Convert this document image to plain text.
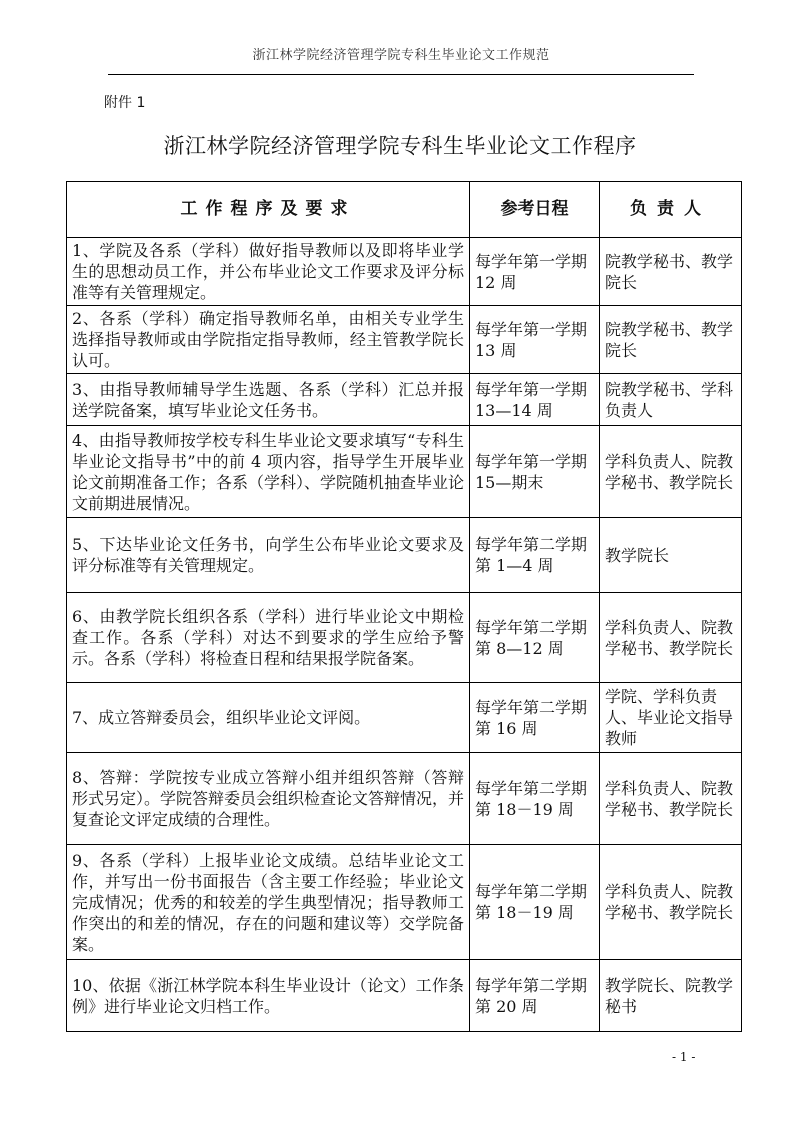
浙江林学院经济管理学院专科生毕业论文工作规范
附件 1
浙江林学院经济管理学院专科生毕业论文工作程序
工作程序及要求	参考日程	负责人
1、学院及各系（学科）做好指导教师以及即将毕业学生的思想动员工作，并公布毕业论文工作要求及评分标准等有关管理规定。	每学年第一学期 12 周	院教学秘书、教学院长
2、各系（学科）确定指导教师名单，由相关专业学生选择指导教师或由学院指定指导教师，经主管教学院长认可。	每学年第一学期 13 周	院教学秘书、教学院长
3、由指导教师辅导学生选题、各系（学科）汇总并报送学院备案，填写毕业论文任务书。	每学年第一学期 13—14 周	院教学秘书、学科负责人
4、由指导教师按学校专科生毕业论文要求填写“专科生毕业论文指导书”中的前 4 项内容，指导学生开展毕业论文前期准备工作；各系（学科）、学院随机抽查毕业论文前期进展情况。	每学年第一学期 15—期末	学科负责人、院教学秘书、教学院长
5、下达毕业论文任务书，向学生公布毕业论文要求及评分标准等有关管理规定。	每学年第二学期第 1—4 周	教学院长
6、由教学院长组织各系（学科）进行毕业论文中期检查工作。各系（学科）对达不到要求的学生应给予警示。各系（学科）将检查日程和结果报学院备案。	每学年第二学期第 8—12 周	学科负责人、院教学秘书、教学院长
7、成立答辩委员会，组织毕业论文评阅。	每学年第二学期第 16 周	学院、学科负责人、毕业论文指导教师
8、答辩：学院按专业成立答辩小组并组织答辩（答辩形式另定）。学院答辩委员会组织检查论文答辩情况，并复查论文评定成绩的合理性。	每学年第二学期第 18－19 周	学科负责人、院教学秘书、教学院长
9、各系（学科）上报毕业论文成绩。总结毕业论文工作，并写出一份书面报告（含主要工作经验；毕业论文完成情况；优秀的和较差的学生典型情况；指导教师工作突出的和差的情况，存在的问题和建议等）交学院备案。	每学年第二学期第 18－19 周	学科负责人、院教学秘书、教学院长
10、依据《浙江林学院本科生毕业设计（论文）工作条例》进行毕业论文归档工作。	每学年第二学期第 20 周	教学院长、院教学秘书
- 1 -
